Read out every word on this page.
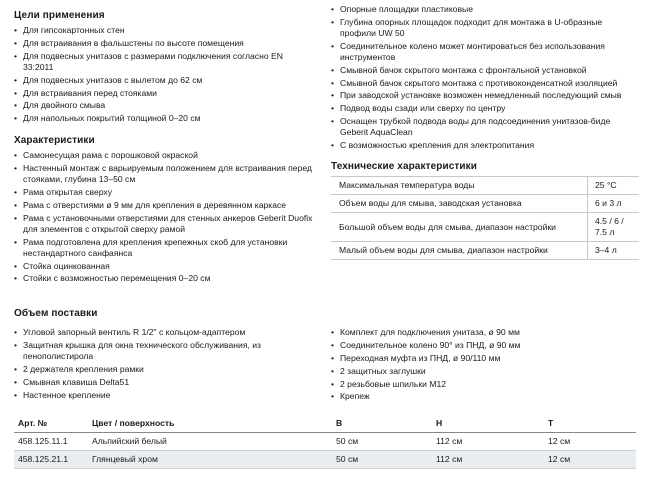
Цели применения
• Для гипсокартонных стен
• Для встраивания в фальшстены по высоте помещения
• Для подвесных унитазов с размерами подключения согласно EN 33:2011
• Для подвесных унитазов с вылетом до 62 см
• Для встраивания перед стояками
• Для двойного смыва
• Для напольных покрытий толщиной 0–20 см
Характеристики
• Самонесущая рама с порошковой окраской
• Настенный монтаж с варьируемым положением для встраивания перед стояками, глубина 13–50 см
• Рама открытая сверху
• Рама с отверстиями ø 9 мм для крепления в деревянном каркасе
• Рама с установочными отверстиями для стенных анкеров Geberit Duofix для элементов с открытой сверху рамой
• Рама подготовлена для крепления крепежных скоб для установки нестандартного санфаянса
• Стойка оцинкованная
• Стойки с возможностью перемещения 0–20 см
• Опорные площадки пластиковые
• Глубина опорных площадок подходит для монтажа в U-образные профили UW 50
• Соединительное колено может монтироваться без использования инструментов
• Смывной бачок скрытого монтажа с фронтальной установкой
• Смывной бачок скрытого монтажа с противоконденсатной изоляцией
• При заводской установке возможен немедленный последующий смыв
• Подвод воды сзади или сверху по центру
• Оснащен трубкой подвода воды для подсоединения унитазов-биде Geberit AquaClean
• С возможностью крепления для электропитания
Технические характеристики
Максимальная температура воды	25 °C
Объем воды для смыва, заводская установка	6 и 3 л
Большой объем воды для смыва, диапазон настройки	4.5 / 6 / 7.5 л
Малый объем воды для смыва, диапазон настройки	3–4 л
Объем поставки
• Угловой запорный вентиль R 1/2" с кольцом-адаптером
• Защитная крышка для окна технического обслуживания, из пенополистирола
• 2 держателя крепления рамки
• Смывная клавиша Delta51
• Настенное крепление
• Комплект для подключения унитаза, ø 90 мм
• Соединительное колено 90° из ПНД, ø 90 мм
• Переходная муфта из ПНД, ø 90/110 мм
• 2 защитных заглушки
• 2 резьбовые шпильки M12
• Крепеж
Арт. №	Цвет / поверхность	B	H	T
458.125.11.1	Альпийский белый	50 см	112 см	12 см
458.125.21.1	Глянцевый хром	50 см	112 см	12 см
